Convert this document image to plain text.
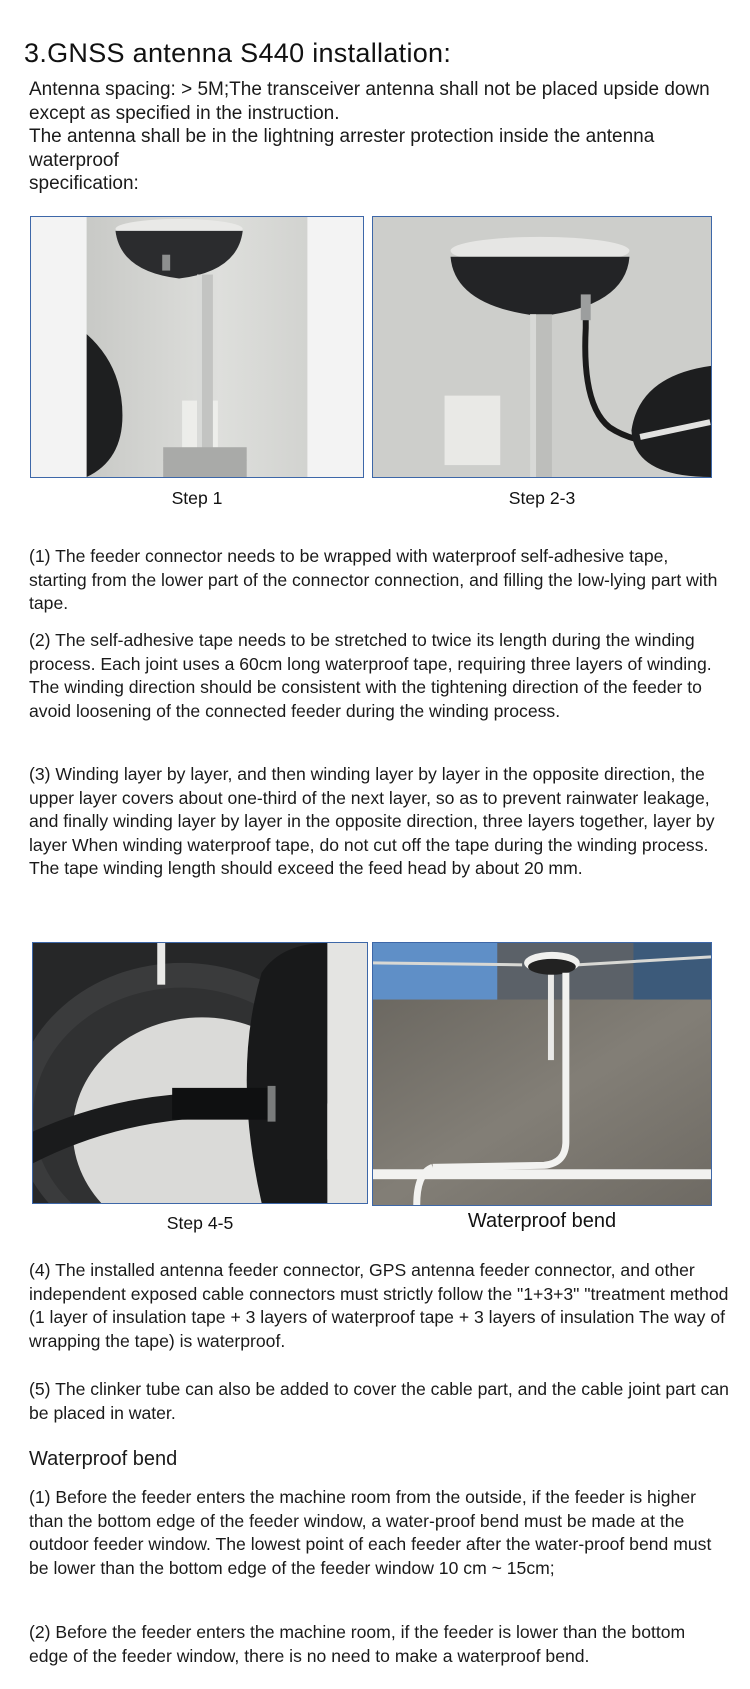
3.GNSS antenna S440 installation:

Antenna spacing: > 5M;The transceiver antenna shall not be placed upside down except as specified in the instruction.

The antenna shall be in the lightning arrester protection inside the antenna waterproof

specification:

Step 1	Step 2-3

(1) The feeder connector needs to be wrapped with waterproof self-adhesive tape, starting from the lower part of the connector connection, and filling the low-lying part with tape.

(2) The self-adhesive tape needs to be stretched to twice its length during the winding process. Each joint uses a 60cm long waterproof tape, requiring three layers of winding. The winding direction should be consistent with the tightening direction of the feeder to avoid loosening of the connected feeder during the winding process.

(3) Winding layer by layer, and then winding layer by layer in the opposite direction, the upper layer covers about one-third of the next layer, so as to prevent rainwater leakage, and finally winding layer by layer in the opposite direction, three layers together, layer by layer When winding waterproof tape, do not cut off the tape during the winding process. The tape winding length should exceed the feed head by about 20 mm.

Step 4-5	Waterproof bend

(4) The installed antenna feeder connector, GPS antenna feeder connector, and other independent exposed cable connectors must strictly follow the "1+3+3" "treatment method (1 layer of insulation tape + 3 layers of waterproof tape + 3 layers of insulation The way of wrapping the tape) is waterproof.

(5) The clinker tube can also be added to cover the cable part, and the cable joint part can be placed in water.

Waterproof bend

(1) Before the feeder enters the machine room from the outside, if the feeder is higher than the bottom edge of the feeder window, a water-proof bend must be made at the outdoor feeder window. The lowest point of each feeder after the water-proof bend must be lower than the bottom edge of the feeder window 10 cm ~ 15cm;

(2) Before the feeder enters the machine room, if the feeder is lower than the bottom edge of the feeder window, there is no need to make a waterproof bend.
